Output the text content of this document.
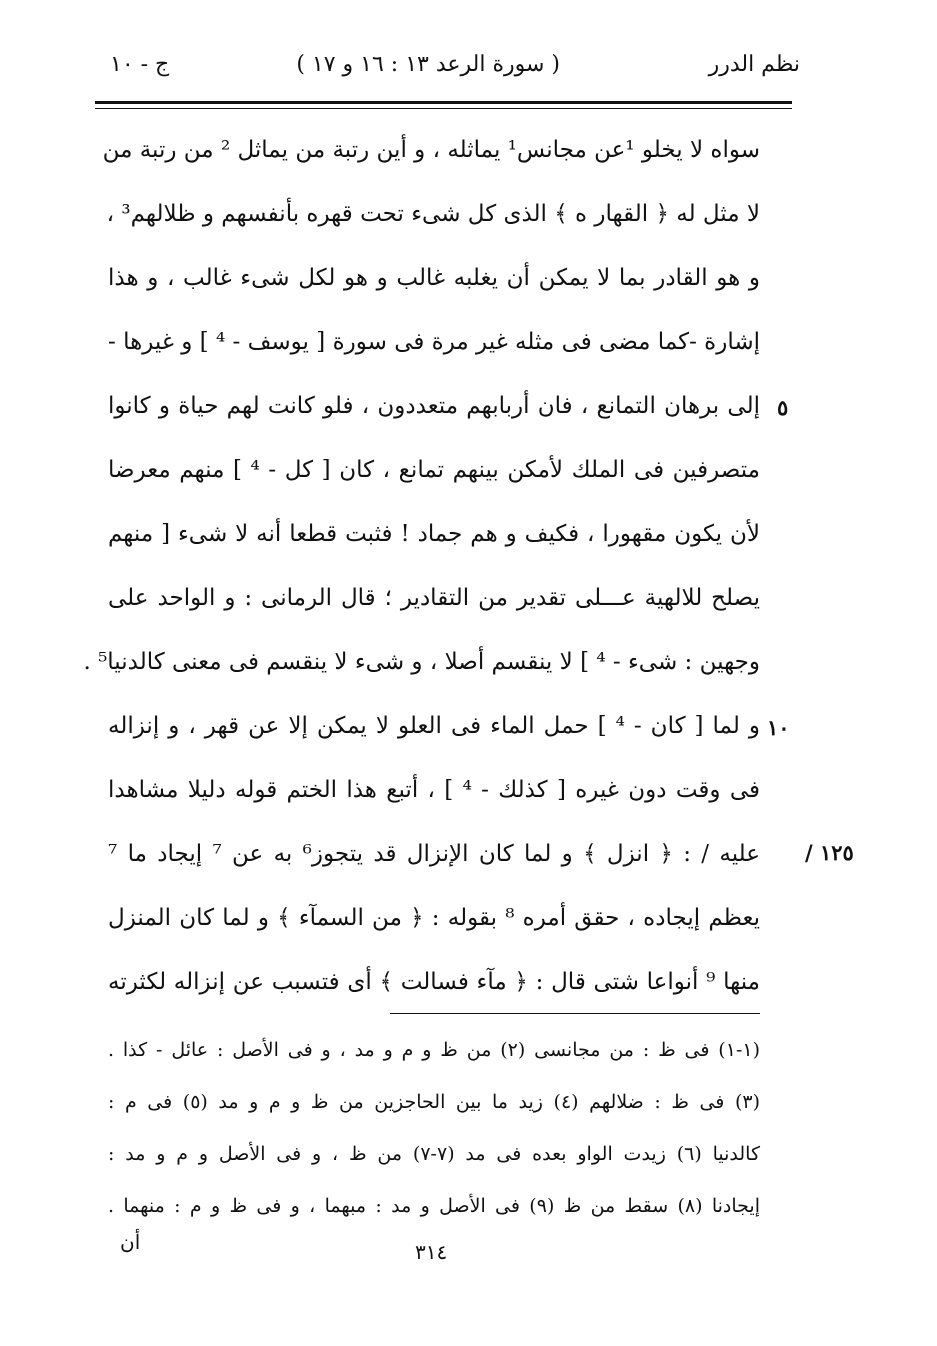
نظم الدرر
( سورة الرعد ١٣ : ١٦ و ١٧ )
ج - ١٠
سواه لا يخلو ¹عن مجانس¹ يماثله ، و أين رتبة من يماثل ² من رتبة من
لا مثل له ﴿ القهار ه ﴾ الذى كل شىء تحت قهره بأنفسهم و ظلالهم³ ،
و هو القادر بما لا يمكن أن يغلبه غالب و هو لكل شىء غالب ، و هذا
إشارة -كما مضى فى مثله غير مرة فى سورة [ يوسف - ⁴ ] و غيرها -
إلى برهان التمانع ، فان أربابهم متعددون ، فلو كانت لهم حياة و كانوا
متصرفين فى الملك لأمكن بينهم تمانع ، كان [ كل - ⁴ ] منهم معرضا
لأن يكون مقهورا ، فكيف و هم جماد ! فثبت قطعا أنه لا شىء [ منهم
يصلح للالهية عـــلى تقدير من التقادير ؛ قال الرمانى : و الواحد على
وجهين : شىء - ⁴ ] لا ينقسم أصلا ، و شىء لا ينقسم فى معنى كالدنيا⁵ .
و لما [ كان - ⁴ ] حمل الماء فى العلو لا يمكن إلا عن قهر ، و إنزاله
فى وقت دون غيره [ كذلك - ⁴ ] ، أتبع هذا الختم قوله دليلا مشاهدا
عليه / : ﴿ انزل ﴾ و لما كان الإنزال قد يتجوز⁶ به عن ⁷ إيجاد ما ⁷
يعظم إيجاده ، حقق أمره ⁸ بقوله : ﴿ من السمآء ﴾ و لما كان المنزل
منها ⁹ أنواعا شتى قال : ﴿ مآء فسالت ﴾ أى فتسبب عن إنزاله لكثرته
٥
١٠
١٢٥ /
(١-١) فى ظ : من مجانسى (٢) من ظ و م و مد ، و فى الأصل : عائل - كذا .
(٣) فى ظ : ضلالهم (٤) زيد ما بين الحاجزين من ظ و م و مد (٥) فى م :
كالدنيا (٦) زيدت الواو بعده فى مد (٧-٧) من ظ ، و فى الأصل و م و مد :
إيجادنا (٨) سقط من ظ (٩) فى الأصل و مد : مبهما ، و فى ظ و م : منهما .
أن	٣١٤
